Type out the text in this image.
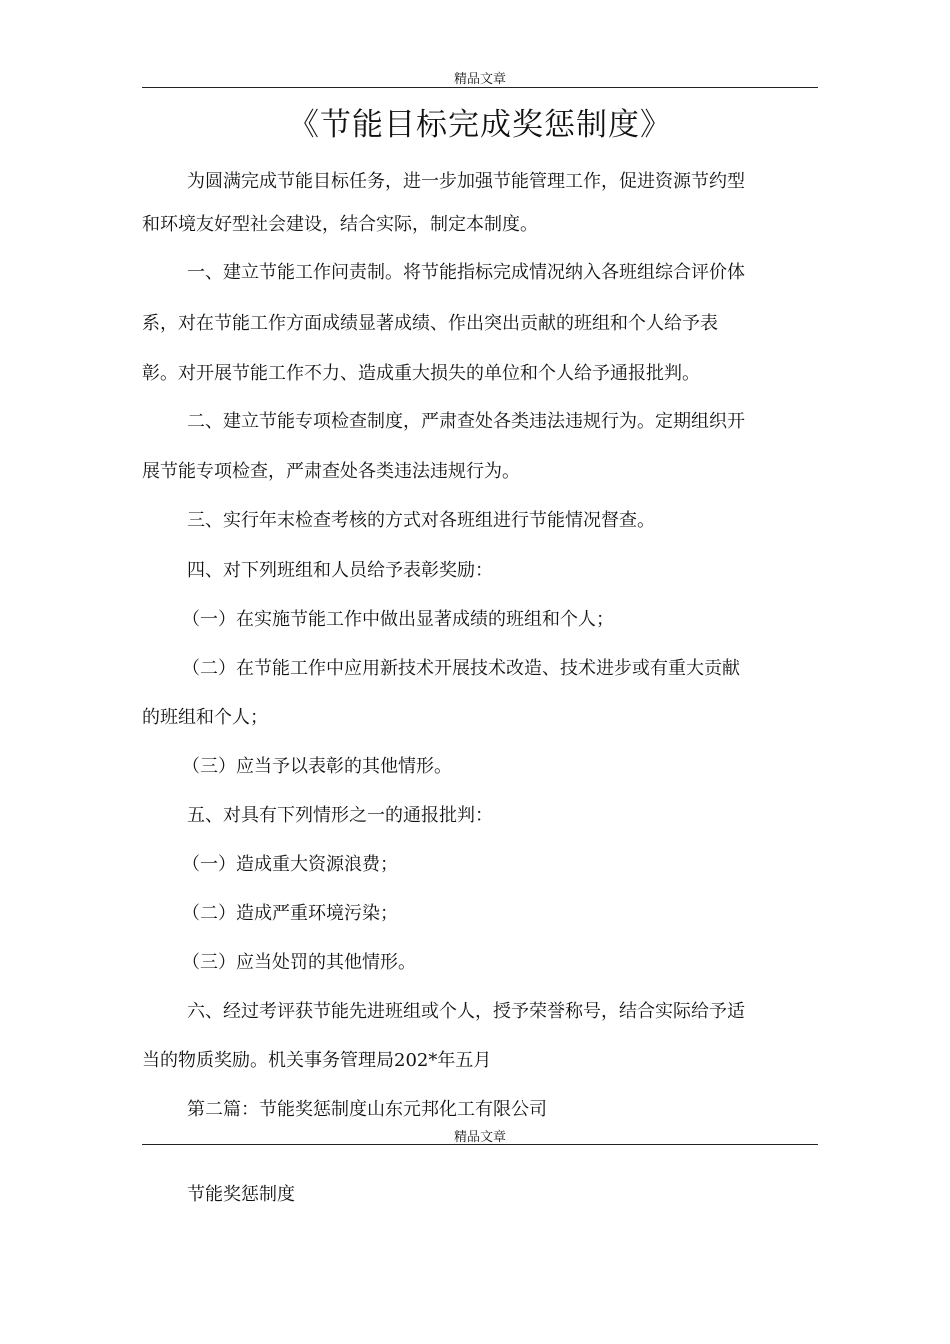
精品文章
《节能目标完成奖惩制度》
为圆满完成节能目标任务，进一步加强节能管理工作，促进资源节约型
和环境友好型社会建设，结合实际，制定本制度。
一、建立节能工作问责制。将节能指标完成情况纳入各班组综合评价体
系，对在节能工作方面成绩显著成绩、作出突出贡献的班组和个人给予表
彰。对开展节能工作不力、造成重大损失的单位和个人给予通报批判。
二、建立节能专项检查制度，严肃查处各类违法违规行为。定期组织开
展节能专项检查，严肃查处各类违法违规行为。
三、实行年末检查考核的方式对各班组进行节能情况督查。
四、对下列班组和人员给予表彰奖励：
（一）在实施节能工作中做出显著成绩的班组和个人；
（二）在节能工作中应用新技术开展技术改造、技术进步或有重大贡献
的班组和个人；
（三）应当予以表彰的其他情形。
五、对具有下列情形之一的通报批判：
（一）造成重大资源浪费；
（二）造成严重环境污染；
（三）应当处罚的其他情形。
六、经过考评获节能先进班组或个人，授予荣誉称号，结合实际给予适
当的物质奖励。机关事务管理局202*年五月
第二篇：节能奖惩制度山东元邦化工有限公司
精品文章
节能奖惩制度
